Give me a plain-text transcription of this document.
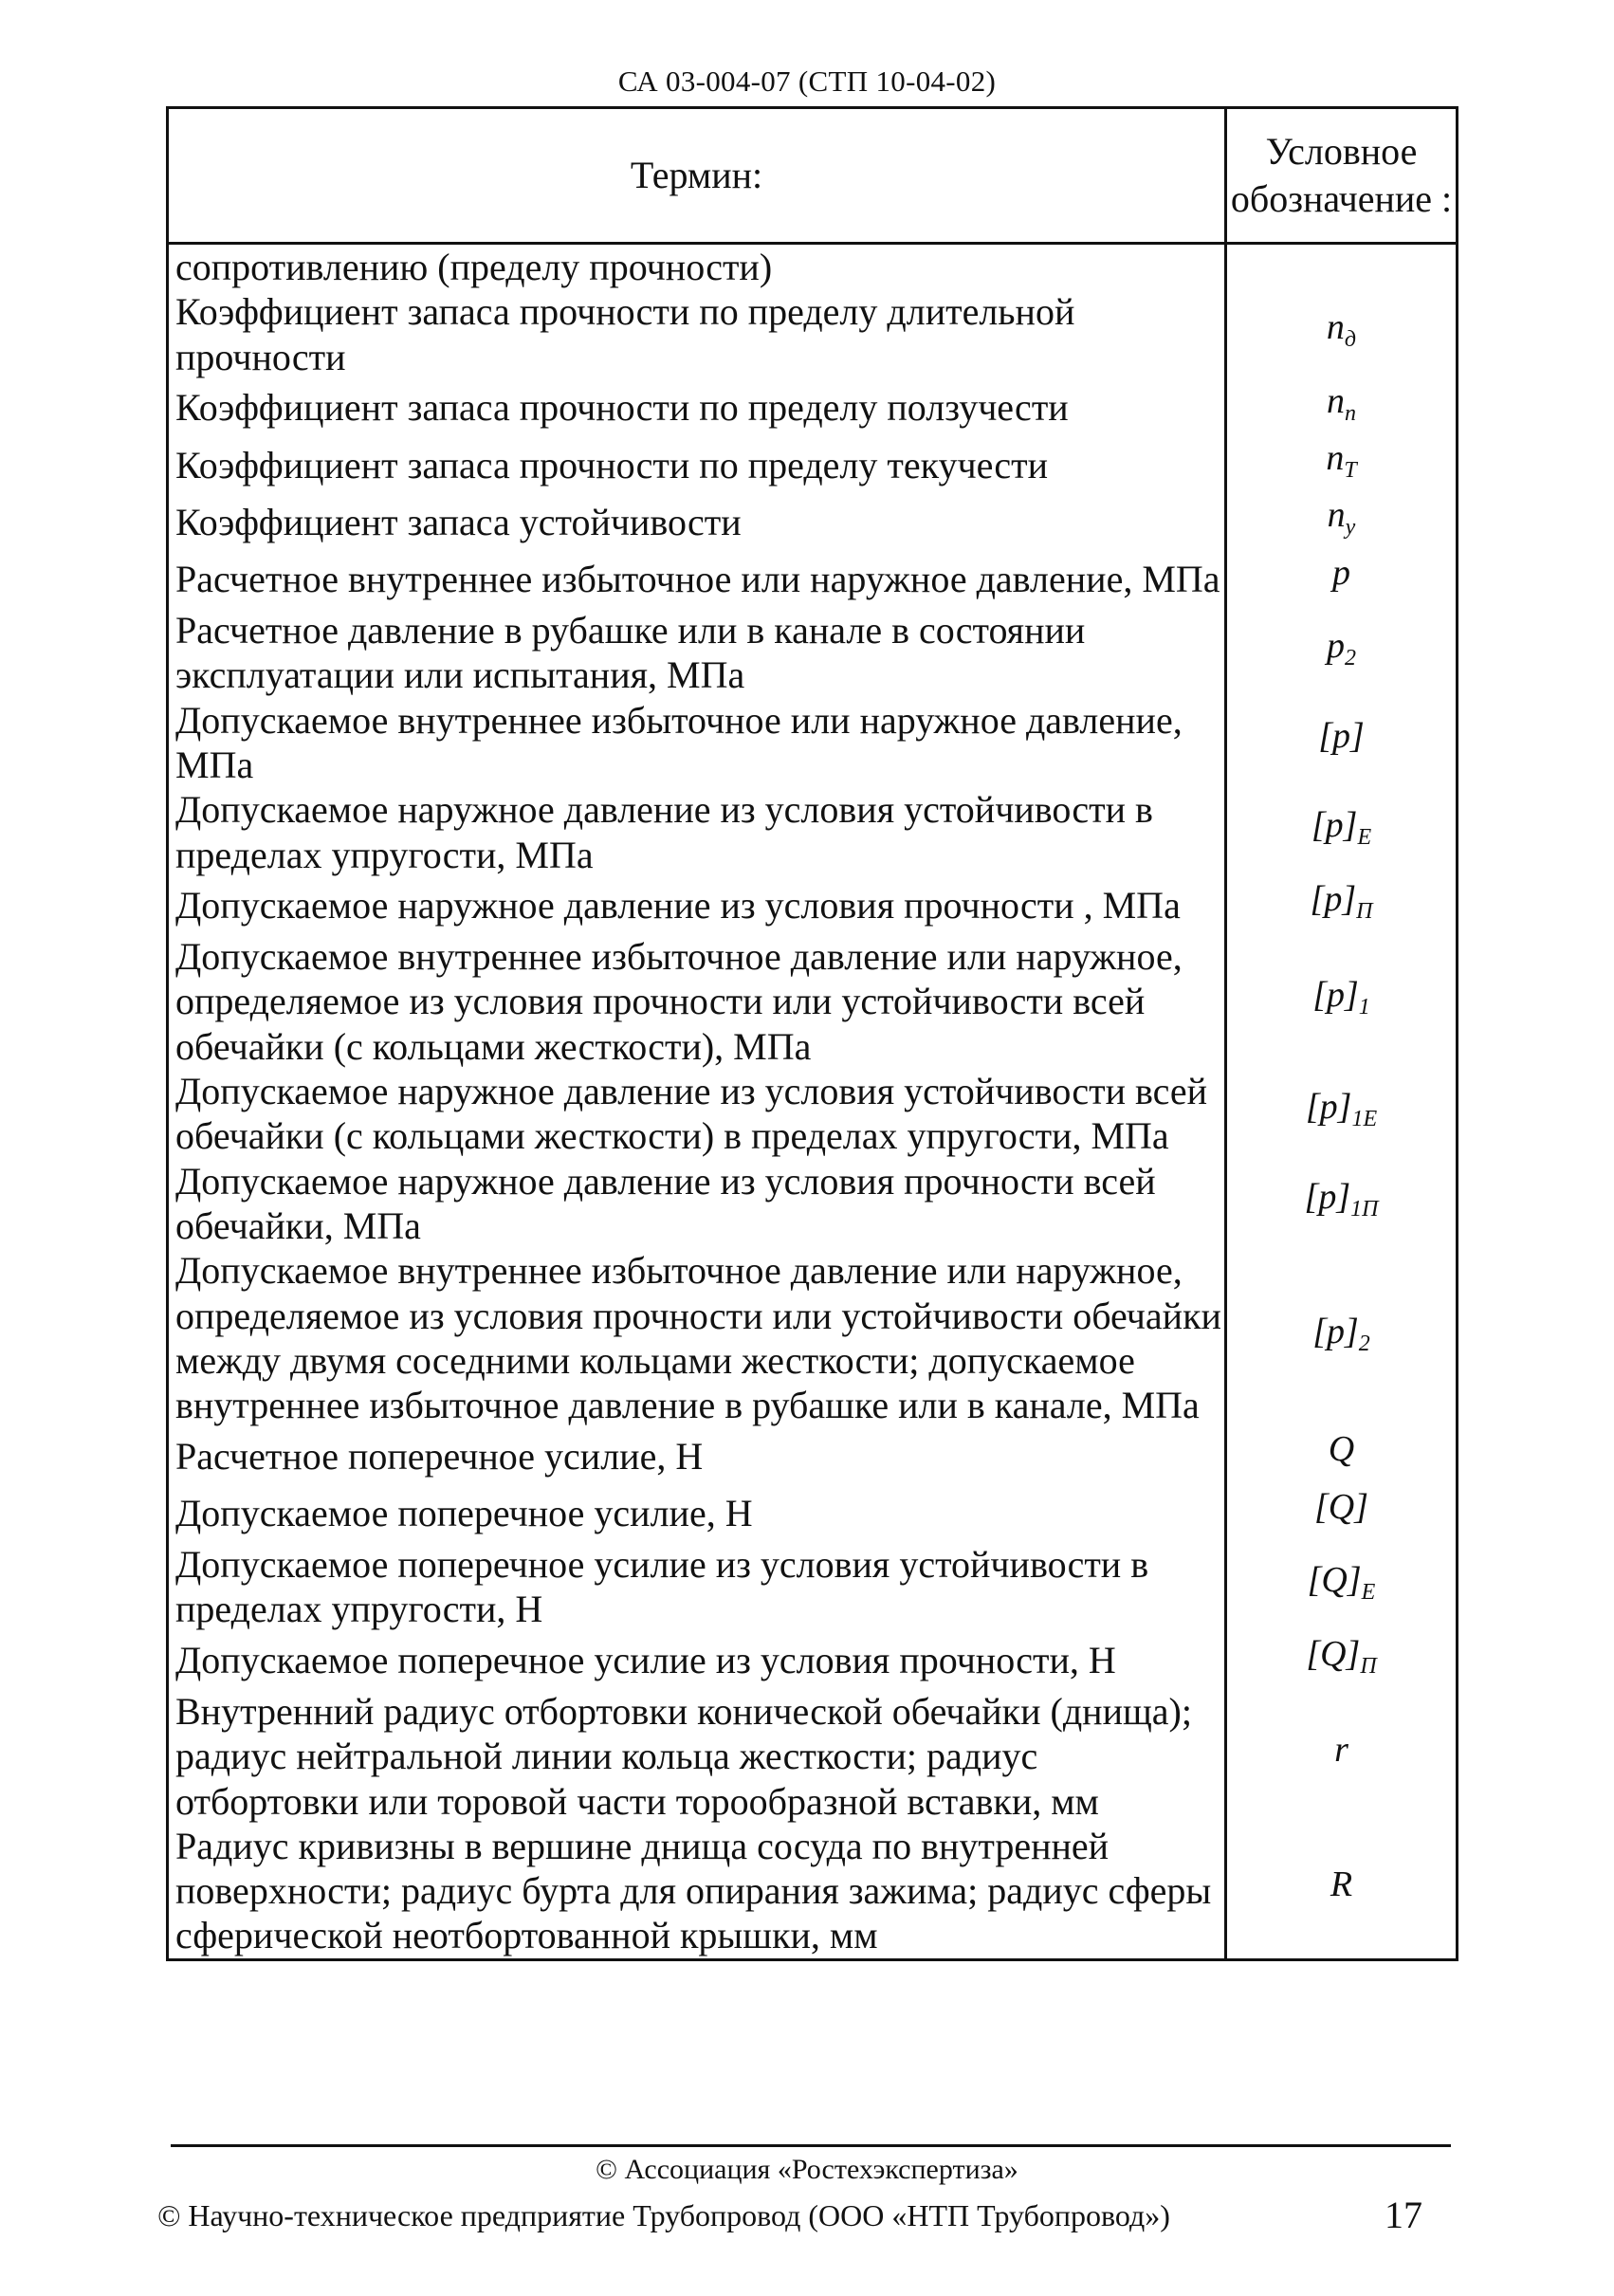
СА 03-004-07 (СТП 10-04-02)
Термин:	Условное обозначение :
сопротивлению (пределу прочности)	
Коэффициент запаса прочности по пределу длительной прочности	$n_д$
Коэффициент запаса прочности по пределу ползучести	$n_п$
Коэффициент запаса прочности по пределу текучести	$n_T$
Коэффициент запаса устойчивости	$n_y$
Расчетное внутреннее избыточное или наружное давление, МПа	p
Расчетное давление в рубашке или в канале в состоянии эксплуатации или испытания, МПа	$p_2$
Допускаемое внутреннее избыточное или наружное давление, МПа	[p]
Допускаемое наружное давление из условия устойчивости в пределах упругости, МПа	$[p]_E$
Допускаемое наружное давление из условия прочности , МПа	$[p]_П$
Допускаемое внутреннее избыточное давление или наружное, определяемое из условия прочности или устойчивости всей обечайки (с кольцами жесткости), МПа	$[p]_1$
Допускаемое наружное давление из условия устойчивости всей обечайки (с кольцами жесткости) в пределах упругости, МПа	$[p]_{1E}$
Допускаемое наружное давление из условия прочности всей обечайки, МПа	$[p]_{1П}$
Допускаемое внутреннее избыточное давление или наружное, определяемое из условия прочности или устойчивости обечайки между двумя соседними кольцами жесткости; допускаемое внутреннее избыточное давление в рубашке или в канале, МПа	$[p]_2$
Расчетное поперечное усилие, Н	Q
Допускаемое поперечное усилие, Н	[Q]
Допускаемое поперечное усилие из условия устойчивости в пределах упругости, Н	$[Q]_E$
Допускаемое поперечное усилие из условия прочности, Н	$[Q]_П$
Внутренний радиус отбортовки конической обечайки (днища); радиус нейтральной линии кольца жесткости; радиус отбортовки или торовой части торообразной вставки, мм	r
Радиус кривизны в вершине днища сосуда по внутренней поверхности; радиус бурта для опирания зажима; радиус сферы сферической неотбортованной крышки, мм	R
© Ассоциация «Ростехэкспертиза»
© Научно-техническое предприятие Трубопровод (ООО «НТП Трубопровод»)	17
